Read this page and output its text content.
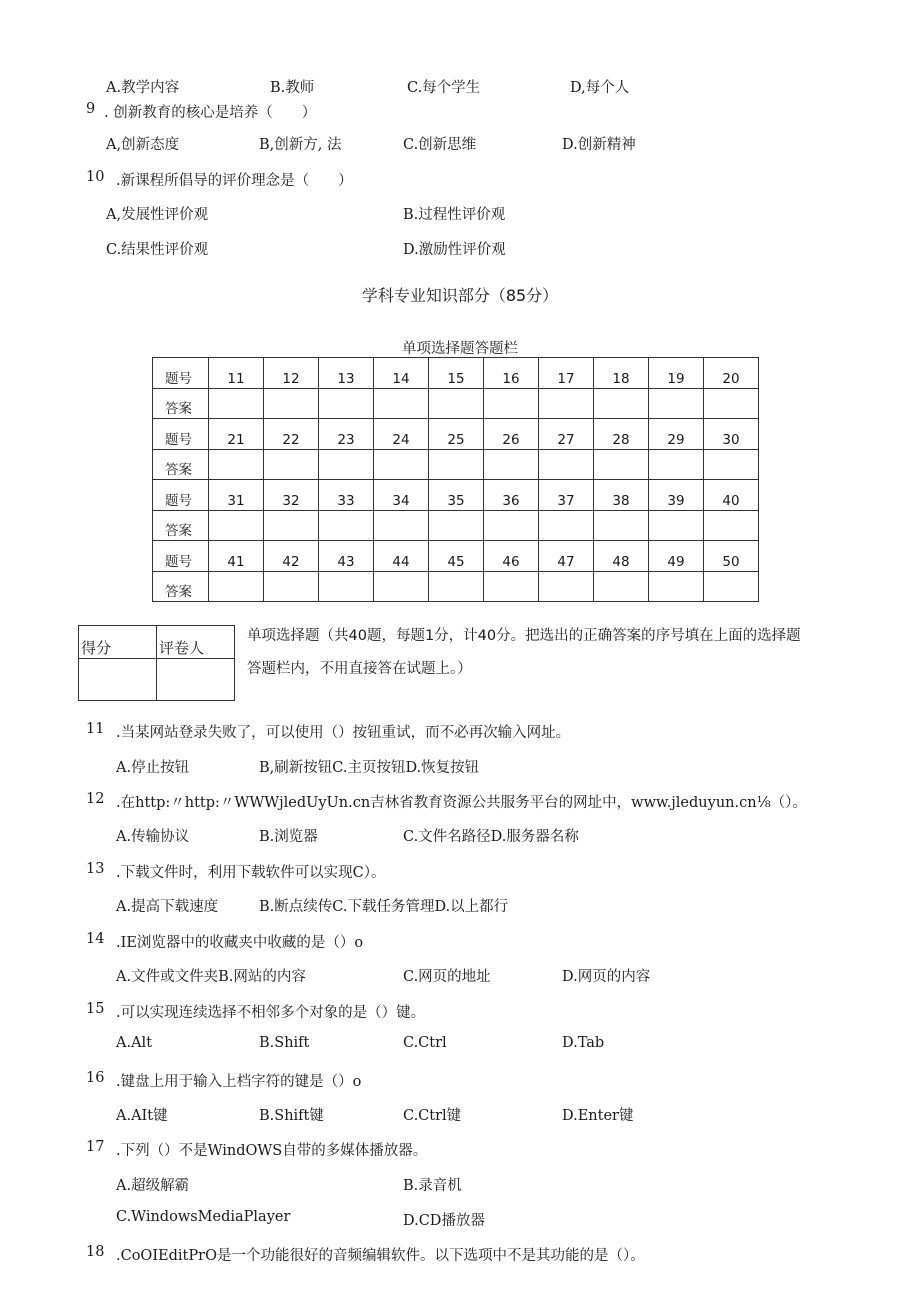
A.教学内容	B.教师	C.每个学生	D,每个人
9 . 创新教育的核心是培养（　　）
A,创新态度	B,创新方, 法	C.创新思维	D.创新精神
10 .新课程所倡导的评价理念是（　　）
A,发展性评价观	B.过程性评价观
C.结果性评价观	D.激励性评价观
学科专业知识部分（85分）
单项选择题答题栏
题号	11	12	13	14	15	16	17	18	19	20
答案										
题号	21	22	23	24	25	26	27	28	29	30
答案										
题号	31	32	33	34	35	36	37	38	39	40
答案										
题号	41	42	43	44	45	46	47	48	49	50
答案										
得分	评卷人

单项选择题（共40题，每题1分，计40分。把选出的正确答案的序号填在上面的选择题
答题栏内，不用直接答在试题上。）
11 .当某网站登录失败了，可以使用（）按钮重试，而不必再次输入网址。
A.停止按钮	B,刷新按钮C.主页按钮D.恢复按钮
12 .在http:〃http:〃WWWjledUyUn.cn吉林省教育资源公共服务平台的网址中，www.jleduyun.cn⅛（）。
A.传输协议	B.浏览器	C.文件名路径D.服务器名称
13 .下载文件时，利用下载软件可以实现C）。
A.提高下载速度	B.断点续传C.下载任务管理D.以上都行
14 .IE浏览器中的收藏夹中收藏的是（）o
A.文件或文件夹B.网站的内容	C.网页的地址	D.网页的内容
15 .可以实现连续选择不相邻多个对象的是（）键。
A.Alt	B.Shift	C.Ctrl	D.Tab
16 .键盘上用于输入上档字符的键是（）o
A.AIt键	B.Shift键	C.Ctrl键	D.Enter键
17 .下列（）不是WindOWS自带的多媒体播放器。
A.超级解霸	B.录音机
C.WindowsMediaPlayer	D.CD播放器
18 .CoOIEditPrO是一个功能很好的音频编辑软件。以下选项中不是其功能的是（）。
